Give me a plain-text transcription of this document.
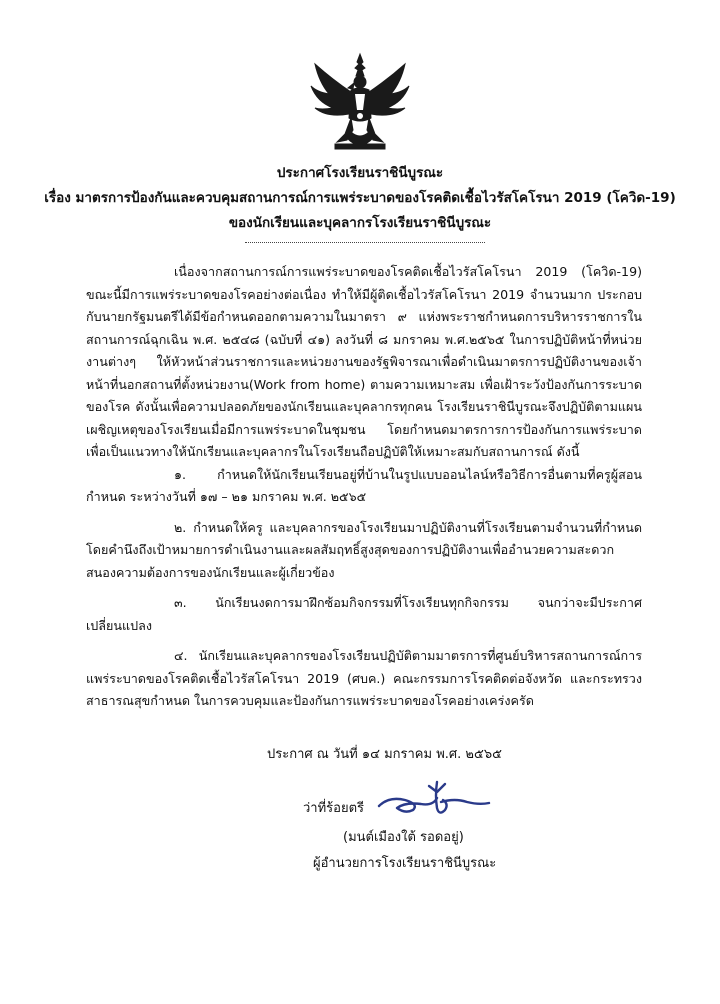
ประกาศโรงเรียนราชินีบูรณะ
เรื่อง มาตรการป้องกันและควบคุมสถานการณ์การแพร่ระบาดของโรคติดเชื้อไวรัสโคโรนา 2019 (โควิด-19)
ของนักเรียนและบุคลากรโรงเรียนราชินีบูรณะ

เนื่องจากสถานการณ์การแพร่ระบาดของโรคติดเชื้อไวรัสโคโรนา 2019 (โควิด-19) ขณะนี้มีการแพร่ระบาดของโรคอย่างต่อเนื่อง ทำให้มีผู้ติดเชื้อไวรัสโคโรนา 2019 จำนวนมาก ประกอบกับนายกรัฐมนตรีได้มีข้อกำหนดออกตามความในมาตรา ๙ แห่งพระราชกำหนดการบริหารราชการในสถานการณ์ฉุกเฉิน พ.ศ. ๒๕๔๘ (ฉบับที่ ๔๑) ลงวันที่ ๘ มกราคม พ.ศ.๒๕๖๕ ในการปฏิบัติหน้าที่หน่วยงานต่างๆ ให้หัวหน้าส่วนราชการและหน่วยงานของรัฐพิจารณาเพื่อดำเนินมาตรการปฏิบัติงานของเจ้าหน้าที่นอกสถานที่ตั้งหน่วยงาน(Work from home) ตามความเหมาะสม เพื่อเฝ้าระวังป้องกันการระบาดของโรค ดังนั้นเพื่อความปลอดภัยของนักเรียนและบุคลากรทุกคน โรงเรียนราชินีบูรณะจึงปฏิบัติตามแผนเผชิญเหตุของโรงเรียนเมื่อมีการแพร่ระบาดในชุมชน โดยกำหนดมาตรการการป้องกันการแพร่ระบาด เพื่อเป็นแนวทางให้นักเรียนและบุคลากรในโรงเรียนถือปฏิบัติให้เหมาะสมกับสถานการณ์ ดังนี้

๑. กำหนดให้นักเรียนเรียนอยู่ที่บ้านในรูปแบบออนไลน์หรือวิธีการอื่นตามที่ครูผู้สอนกำหนด ระหว่างวันที่ ๑๗ – ๒๑ มกราคม พ.ศ. ๒๕๖๕

๒. กำหนดให้ครู และบุคลากรของโรงเรียนมาปฏิบัติงานที่โรงเรียนตามจำนวนที่กำหนด โดยคำนึงถึงเป้าหมายการดำเนินงานและผลสัมฤทธิ์สูงสุดของการปฏิบัติงานเพื่ออำนวยความสะดวก สนองความต้องการของนักเรียนและผู้เกี่ยวข้อง

๓. นักเรียนงดการมาฝึกซ้อมกิจกรรมที่โรงเรียนทุกกิจกรรม จนกว่าจะมีประกาศเปลี่ยนแปลง

๔. นักเรียนและบุคลากรของโรงเรียนปฏิบัติตามมาตรการที่ศูนย์บริหารสถานการณ์การแพร่ระบาดของโรคติดเชื้อไวรัสโคโรนา 2019 (ศบค.) คณะกรรมการโรคติดต่อจังหวัด และกระทรวงสาธารณสุขกำหนด ในการควบคุมและป้องกันการแพร่ระบาดของโรคอย่างเคร่งครัด

ประกาศ ณ วันที่ ๑๔ มกราคม พ.ศ. ๒๕๖๕
ว่าที่ร้อยตรี
(มนต์เมืองใต้ รอดอยู่)
ผู้อำนวยการโรงเรียนราชินีบูรณะ
